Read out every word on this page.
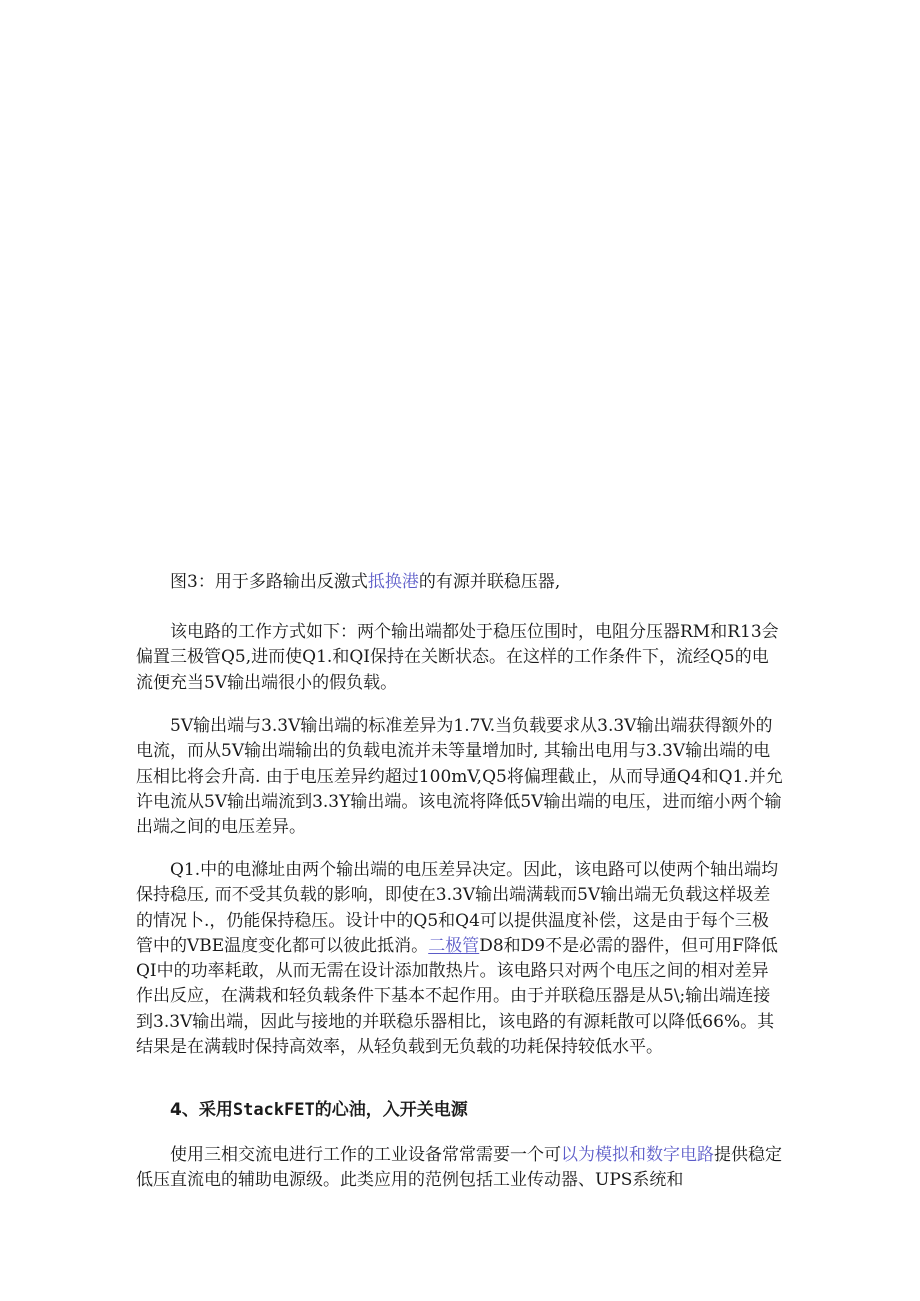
图3：用于多路输出反激式抵换港的有源并联稳压器,

该电路的工作方式如下：两个输出端都处于稳压位围时，电阻分压器RM和R13会偏置三极管Q5,进而使Q1.和QI保持在关断状态。在这样的工作条件下，流经Q5的电流便充当5V输出端很小的假负载。

5V输出端与3.3V输出端的标准差异为1.7V.当负载要求从3.3V输出端获得额外的电流，而从5V输出端输出的负载电流并未等量增加时, 其输出电用与3.3V输出端的电压相比将会升高. 由于电压差异约超过100mV,Q5将偏理截止，从而导通Q4和Q1.并允许电流从5V输出端流到3.3Y输出端。该电流将降低5V输出端的电压，进而缩小两个输出端之间的电压差异。

Q1.中的电滌址由两个输出端的电压差异决定。因此，该电路可以使两个轴出端均保持稳压, 而不受其负载的影响，即使在3.3V输出端满载而5V输出端无负载这样圾差的情况卜.，仍能保持稳压。设计中的Q5和Q4可以提供温度补偿，这是由于每个三极管中的VBE温度变化都可以彼此抵消。二极管D8和D9不是必需的器件，但可用F降低QI中的功率耗敢，从而无需在设计添加散热片。该电路只对两个电压之间的相对差异作出反应，在满栽和轻负载条件下基本不起作用。由于并联稳压器是从5\;输出端连接到3.3V输出端，因此与接地的并联稳乐器相比，该电路的有源耗散可以降低66%。其结果是在满载时保持高效率，从轻负载到无负载的功耗保持较低水平。

4、采用StackFET的心油，入开关电源

使用三相交流电进行工作的工业设备常常需要一个可以为模拟和数字电路提供稳定低压直流电的辅助电源级。此类应用的范例包括工业传动器、UPS系统和
